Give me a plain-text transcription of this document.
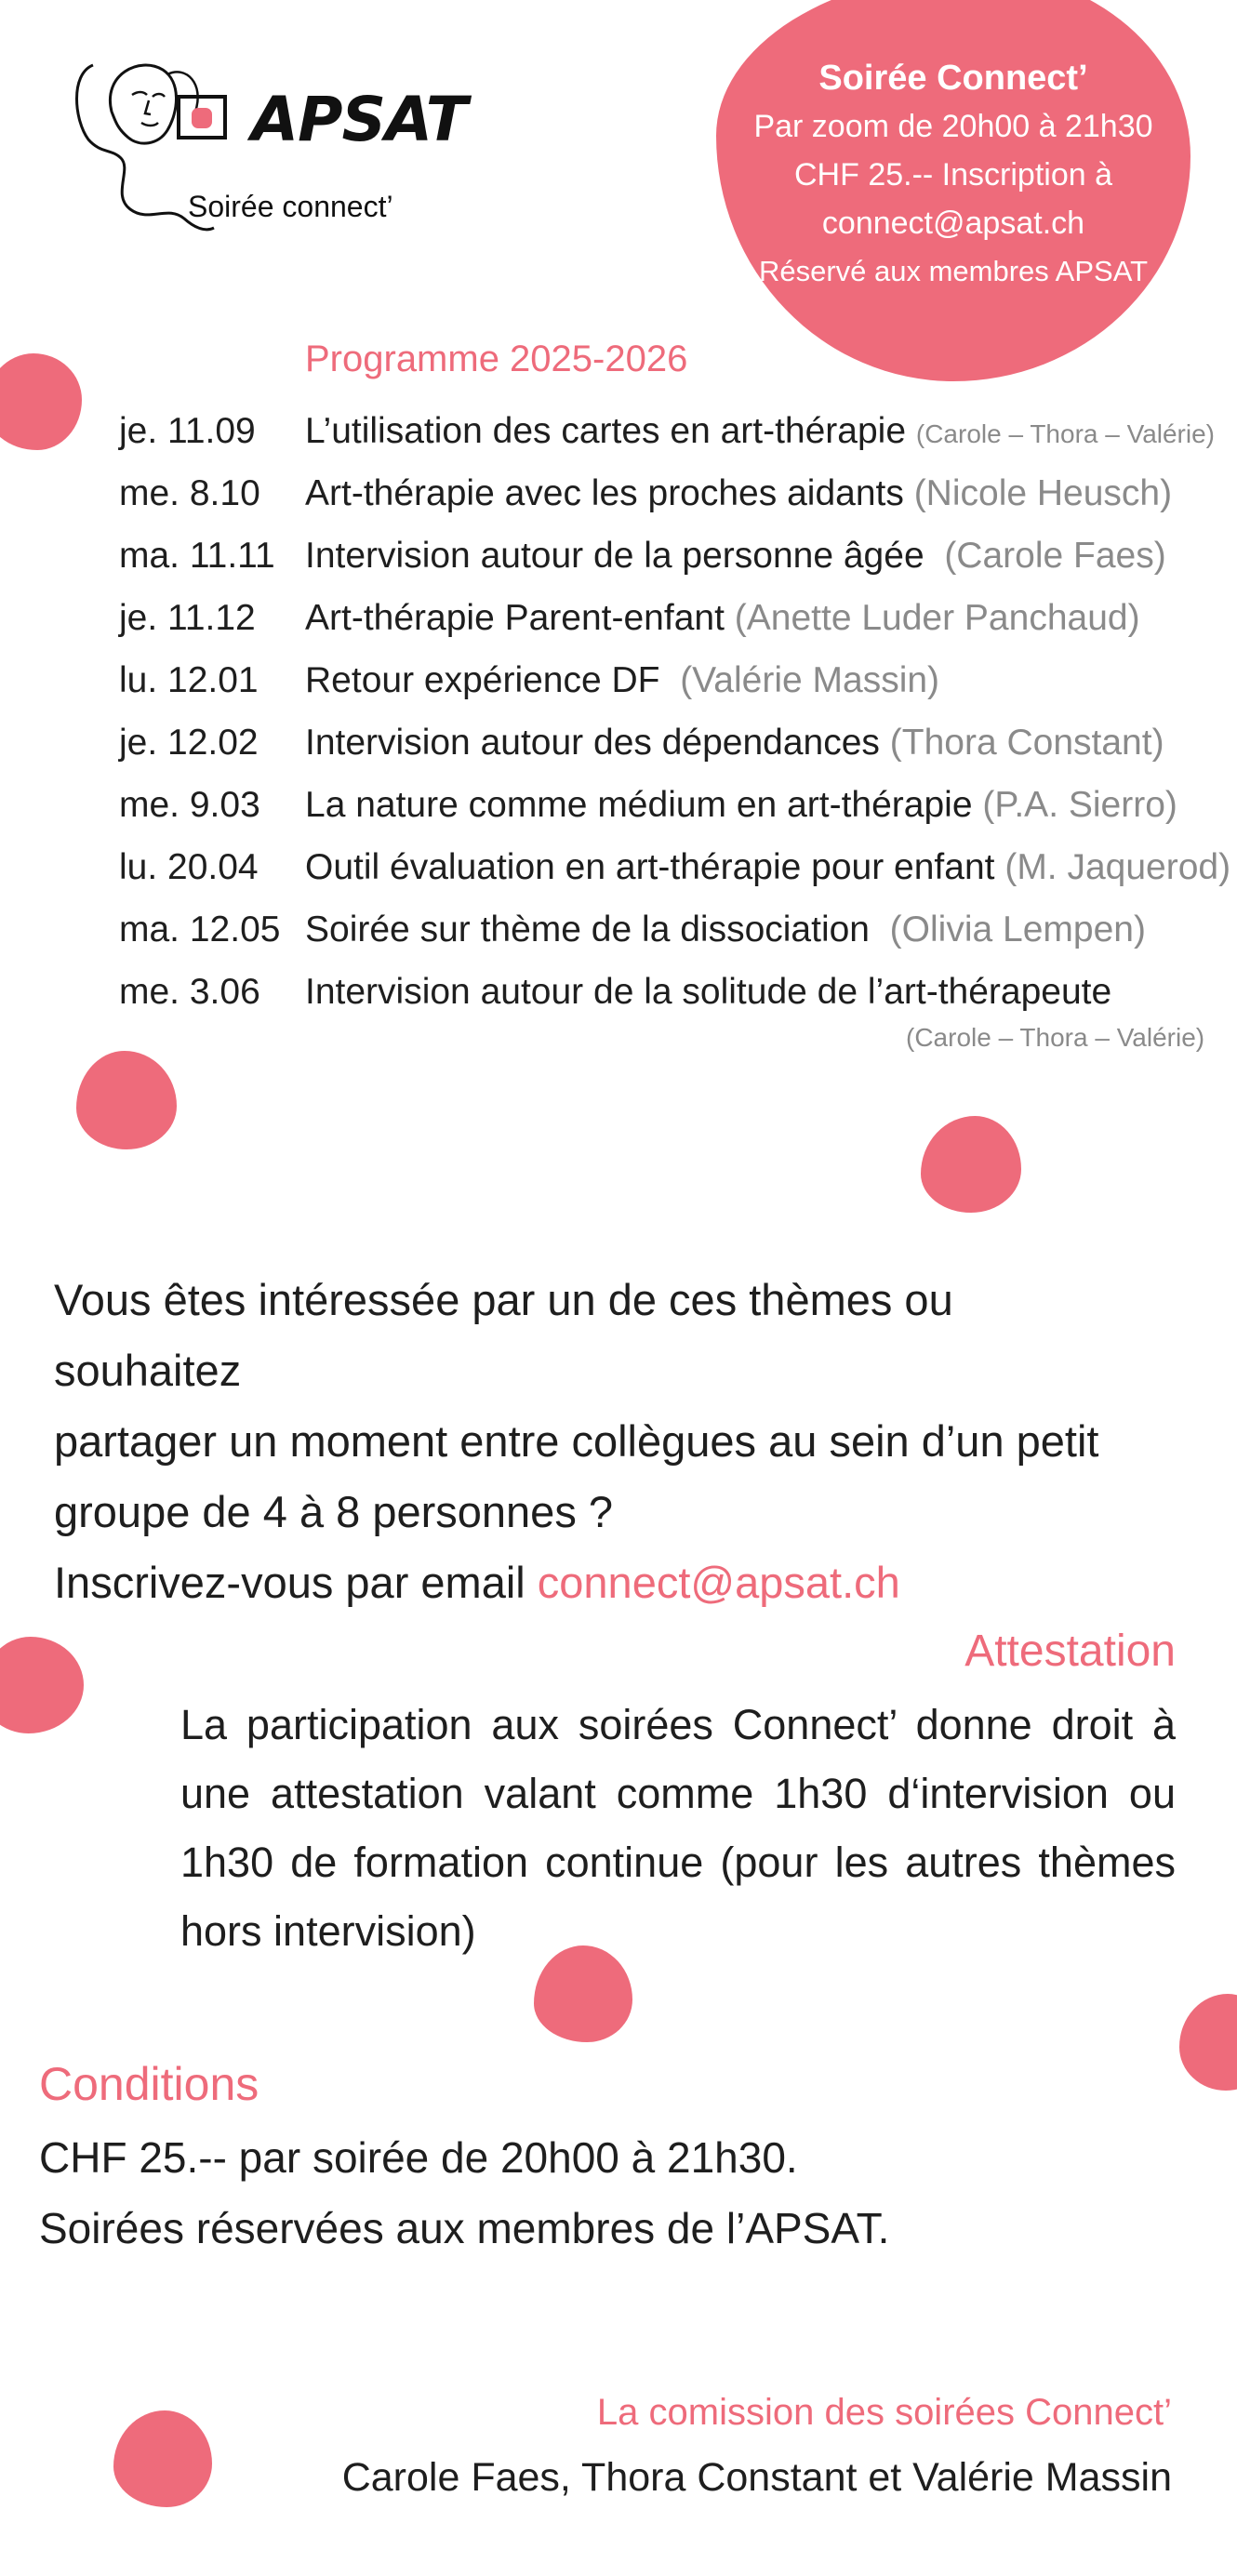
APSAT
Soirée connect’
Soirée Connect’
Par zoom de 20h00 à 21h30
CHF 25.-- Inscription à
connect@apsat.ch
Réservé aux membres APSAT
Programme 2025-2026
je. 11.09 L’utilisation des cartes en art-thérapie (Carole – Thora – Valérie)
me. 8.10 Art-thérapie avec les proches aidants (Nicole Heusch)
ma. 11.11 Intervision autour de la personne âgée (Carole Faes)
je. 11.12 Art-thérapie Parent-enfant (Anette Luder Panchaud)
lu. 12.01 Retour expérience DF (Valérie Massin)
je. 12.02 Intervision autour des dépendances (Thora Constant)
me. 9.03 La nature comme médium en art-thérapie (P.A. Sierro)
lu. 20.04 Outil évaluation en art-thérapie pour enfant (M. Jaquerod)
ma. 12.05 Soirée sur thème de la dissociation (Olivia Lempen)
me. 3.06 Intervision autour de la solitude de l’art-thérapeute
(Carole – Thora – Valérie)
Vous êtes intéressée par un de ces thèmes ou souhaitez
partager un moment entre collègues au sein d’un petit
groupe de 4 à 8 personnes ?
Inscrivez-vous par email connect@apsat.ch
Attestation
La participation aux soirées Connect’ donne droit à une attestation valant comme 1h30 d‘intervision ou 1h30 de formation continue (pour les autres thèmes hors intervision)
Conditions
CHF 25.-- par soirée de 20h00 à 21h30.
Soirées réservées aux membres de l’APSAT.
La comission des soirées Connect’
Carole Faes, Thora Constant et Valérie Massin
